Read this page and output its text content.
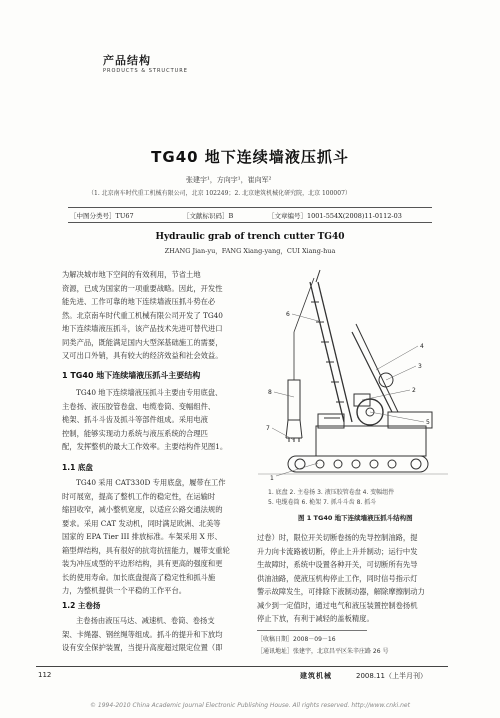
产品结构
PRODUCTS & STRUCTURE
TG40 地下连续墙液压抓斗
张建宇¹，方向宇¹，崔向军²
（1. 北京南车时代重工机械有限公司，北京 102249；2. 北京建筑机械化研究院，北京 100007）
［中图分类号］TU67	［文献标识码］B	［文章编号］1001-554X(2008)11-0112-03
Hydraulic grab of trench cutter TG40
ZHANG Jian-yu，FANG Xiang-yang，CUI Xiang-hua
为解决城市地下空间的有效利用，节省土地
资源，已成为国家的一项重要战略。因此，开发性
能先进、工作可靠的地下连续墙液压抓斗势在必
然。北京南车时代重工机械有限公司开发了 TG40
地下连续墙液压抓斗，该产品技术先进可替代进口
同类产品，既能满足国内大型深基础施工的需要，
又可出口外销，具有较大的经济效益和社会效益。
1 TG40 地下连续墙液压抓斗主要结构
TG40 地下连续墙液压抓斗主要由专用底盘、
主卷扬、液压胶管卷盘、电缆卷筒、变幅组件、
桅架、抓斗斗齿及抓斗等部件组成。采用电液
控制，能够实现动力系统与液压系统的合理匹
配，发挥整机的最大工作效率。主要结构件见图1。
1.1 底盘
TG40 采用 CAT330D 专用底盘，履带在工作
时可展宽，提高了整机工作的稳定性，在运输时
缩回收窄，减小整机宽度，以适应公路交通法规的
要求。采用 CAT 发动机，同时满足欧洲、北美等
国家的 EPA Tier III 排放标准。车架采用 X 形、
箱型焊结构，具有很好的抗弯抗扭能力，履带支重轮
装为冲压成型的平边形结构，具有更高的强度和更
长的使用寿命。加长底盘提高了稳定性和抓斗施
力，为整机提供一个平稳的工作平台。
1.2 主卷扬
主卷扬由液压马达、减速机、卷筒、卷扬支
架、卡绳器、钢丝绳等组成。抓斗的提升和下放均
设有安全保护装置，当提升高度超过限定位置（即
1
2
3
4
5
6
7
8
1. 底盘 2. 主卷扬 3. 液压胶管卷盘 4. 变幅组件
5. 电缆卷筒 6. 桅架 7. 抓斗斗齿 8. 抓斗
图 1 TG40 地下连续墙液压抓斗结构图
过卷）时，限位开关切断卷扬的先导控制油路，提
升力向卡流路被切断，停止上升并制动；运行中发
生故障时，系统中设置各种开关，可切断所有先导
供油油路，使液压机构停止工作，同时信号指示灯
警示故障发生，可排除下液制动器，解除摩擦制动力
减少到一定值时，通过电气和液压装置控制卷扬机
停止下放，有利于减轻的盖板精度。
［收稿日期］2008－09－16
［通讯地址］张建宇，北京昌平区朱辛庄路 26 号
112	建筑机械	2008.11（上半月刊）
© 1994-2010 China Academic Journal Electronic Publishing House. All rights reserved. http://www.cnki.net
